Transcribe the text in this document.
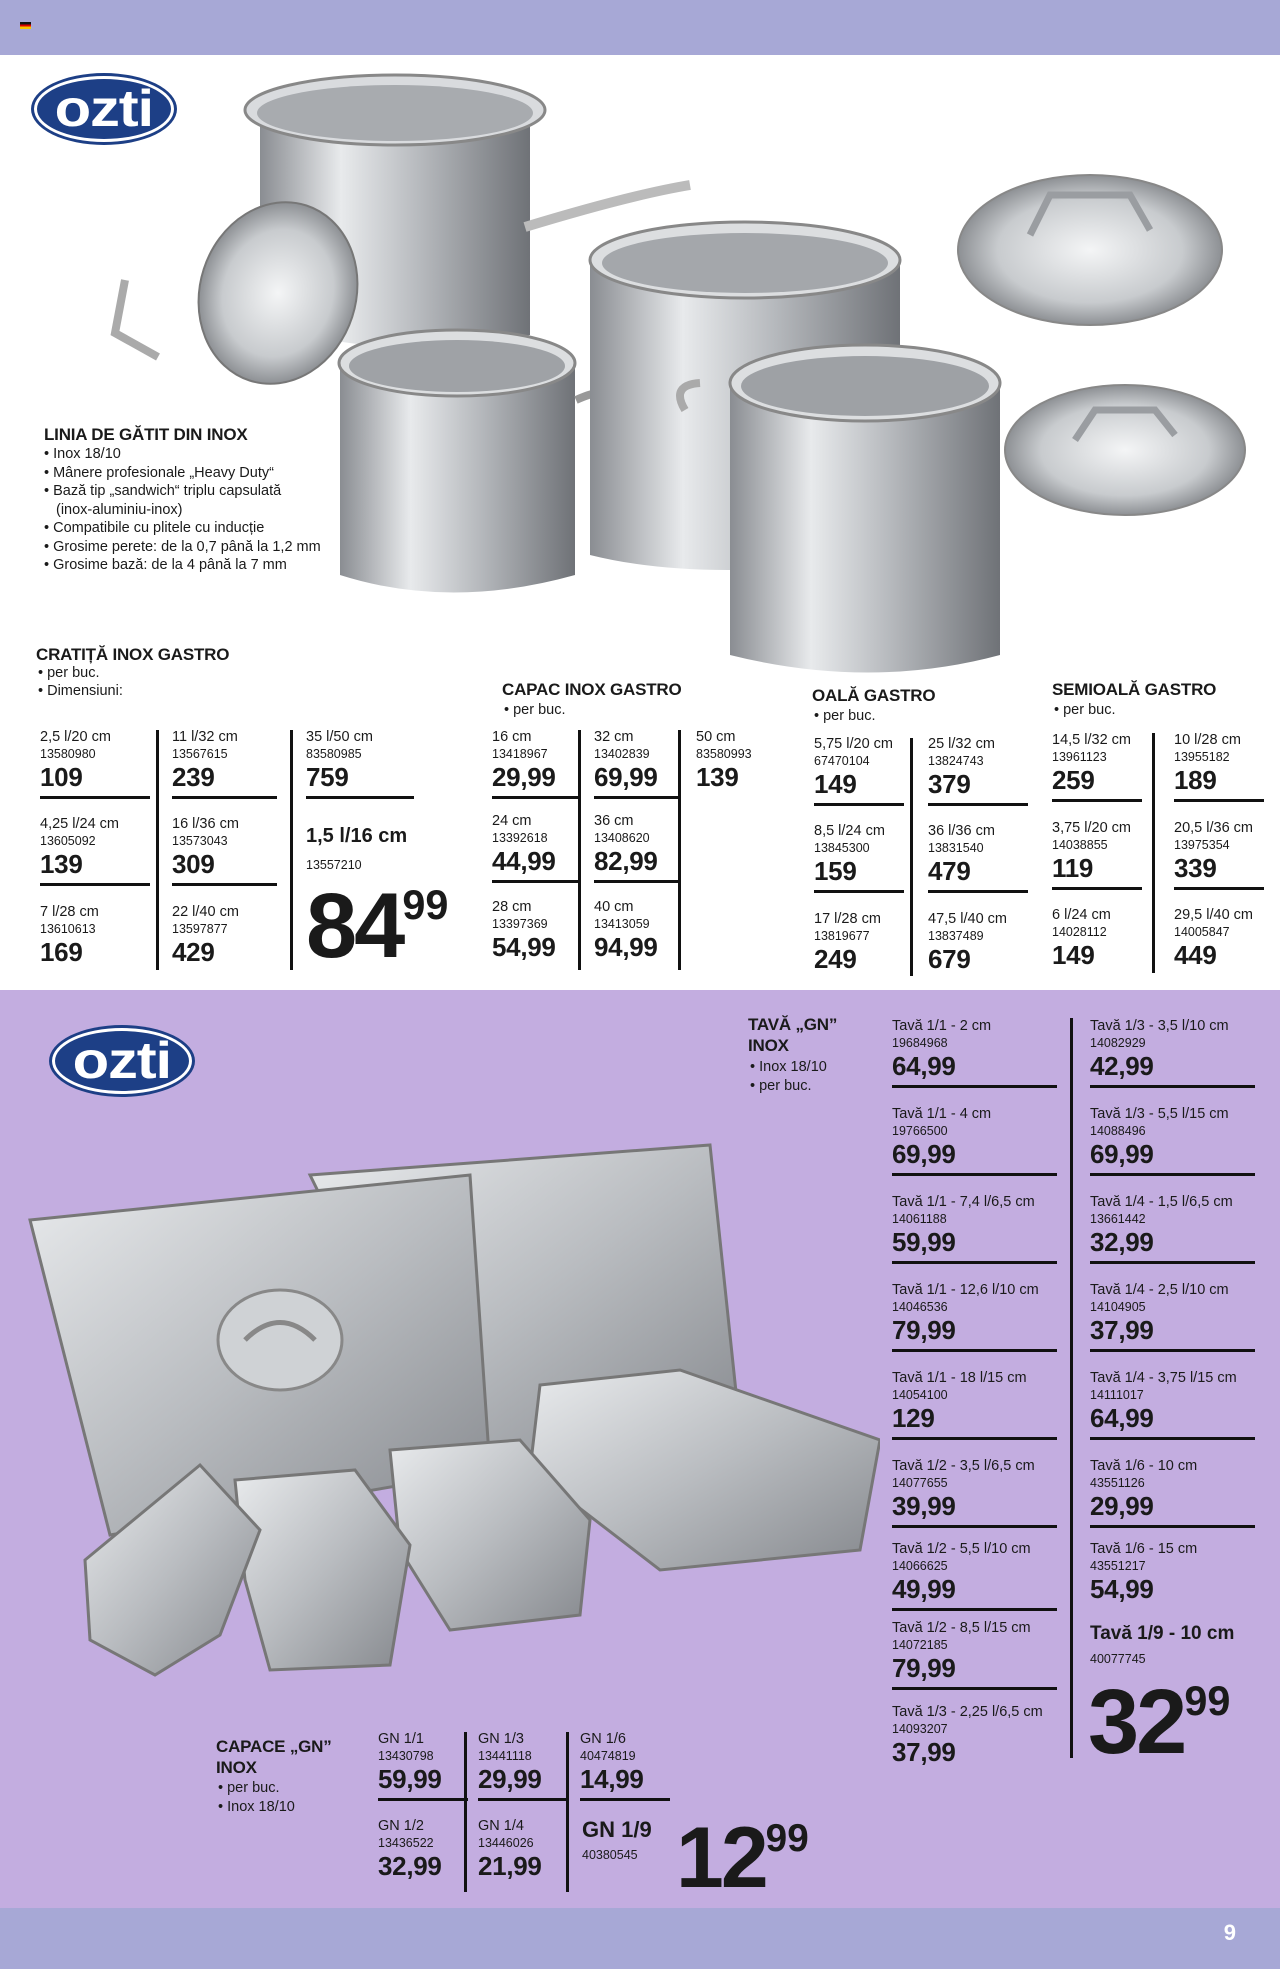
9
ozti
ozti
LINIA DE GĂTIT DIN INOX
• Inox 18/10
• Mânere profesionale „Heavy Duty“
• Bază tip „sandwich“ triplu capsulată
(inox-aluminiu-inox)
• Compatibile cu plitele cu inducție
• Grosime perete: de la 0,7 până la 1,2 mm
• Grosime bază: de la 4 până la 7 mm
CRATIȚĂ INOX GASTRO
• per buc.
• Dimensiuni:
2,5 l/20 cm
13580980
109
4,25 l/24 cm
13605092
139
7 l/28 cm
13610613
169
11 l/32 cm
13567615
239
16 l/36 cm
13573043
309
22 l/40 cm
13597877
429
35 l/50 cm
83580985
759
1,5 l/16 cm
13557210
$84^{99}$
CAPAC INOX GASTRO
• per buc.
16 cm
13418967
29,99
24 cm
13392618
44,99
28 cm
13397369
54,99
32 cm
13402839
69,99
36 cm
13408620
82,99
40 cm
13413059
94,99
50 cm
83580993
139
OALĂ GASTRO
• per buc.
5,75 l/20 cm
67470104
149
8,5 l/24 cm
13845300
159
17 l/28 cm
13819677
249
25 l/32 cm
13824743
379
36 l/36 cm
13831540
479
47,5 l/40 cm
13837489
679
SEMIOALĂ GASTRO
• per buc.
14,5 l/32 cm
13961123
259
3,75 l/20 cm
14038855
119
6 l/24 cm
14028112
149
10 l/28 cm
13955182
189
20,5 l/36 cm
13975354
339
29,5 l/40 cm
14005847
449
CAPACE „GN”
INOX
• per buc.
• Inox 18/10
GN 1/1
13430798
59,99
GN 1/2
13436522
32,99
GN 1/3
13441118
29,99
GN 1/4
13446026
21,99
GN 1/6
40474819
14,99
GN 1/9
40380545 $12^{99}$
TAVĂ „GN”
INOX
• Inox 18/10
• per buc.
Tavă 1/1 - 2 cm
19684968
64,99
Tavă 1/1 - 4 cm
19766500
69,99
Tavă 1/1 - 7,4 l/6,5 cm
14061188
59,99
Tavă 1/1 - 12,6 l/10 cm
14046536
79,99
Tavă 1/1 - 18 l/15 cm
14054100
129
Tavă 1/2 - 3,5 l/6,5 cm
14077655
39,99
Tavă 1/2 - 5,5 l/10 cm
14066625
49,99
Tavă 1/2 - 8,5 l/15 cm
14072185
79,99
Tavă 1/3 - 2,25 l/6,5 cm
14093207
37,99
Tavă 1/3 - 3,5 l/10 cm
14082929
42,99
Tavă 1/3 - 5,5 l/15 cm
14088496
69,99
Tavă 1/4 - 1,5 l/6,5 cm
13661442
32,99
Tavă 1/4 - 2,5 l/10 cm
14104905
37,99
Tavă 1/4 - 3,75 l/15 cm
14111017
64,99
Tavă 1/6 - 10 cm
43551126
29,99
Tavă 1/6 - 15 cm
43551217
54,99
Tavă 1/9 - 10 cm
40077745
$32^{99}$
